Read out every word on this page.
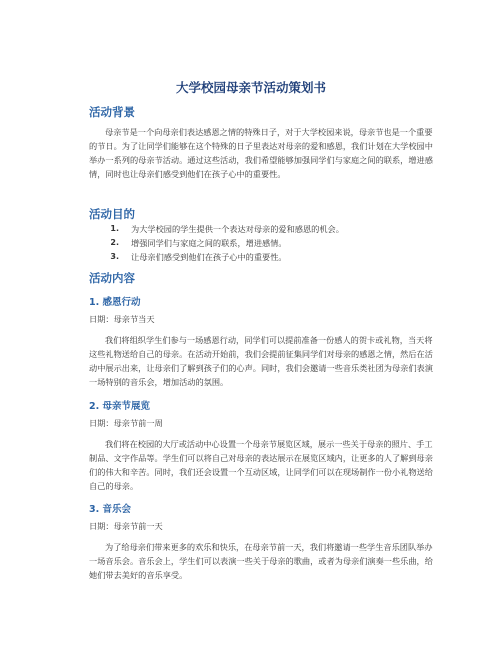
大学校园母亲节活动策划书
活动背景

母亲节是一个向母亲们表达感恩之情的特殊日子，对于大学校园来说，母亲节也是一个重要的节日。为了让同学们能够在这个特殊的日子里表达对母亲的爱和感恩，我们计划在大学校园中举办一系列的母亲节活动。通过这些活动，我们希望能够加强同学们与家庭之间的联系，增进感情，同时也让母亲们感受到他们在孩子心中的重要性。

活动目的
1.	为大学校园的学生提供一个表达对母亲的爱和感恩的机会。
2.	增强同学们与家庭之间的联系，增进感情。
3.	让母亲们感受到他们在孩子心中的重要性。
活动内容
1. 感恩行动

日期：母亲节当天

我们将组织学生们参与一场感恩行动，同学们可以提前准备一份感人的贺卡或礼物，当天将这些礼物送给自己的母亲。在活动开始前，我们会提前征集同学们对母亲的感恩之情，然后在活动中展示出来，让母亲们了解到孩子们的心声。同时，我们会邀请一些音乐类社团为母亲们表演一场特别的音乐会，增加活动的氛围。

2. 母亲节展览

日期：母亲节前一周

我们将在校园的大厅或活动中心设置一个母亲节展览区域，展示一些关于母亲的照片、手工制品、文字作品等。学生们可以将自己对母亲的表达展示在展览区域内，让更多的人了解到母亲们的伟大和辛苦。同时，我们还会设置一个互动区域，让同学们可以在现场制作一份小礼物送给自己的母亲。

3. 音乐会

日期：母亲节前一天

为了给母亲们带来更多的欢乐和快乐，在母亲节前一天，我们将邀请一些学生音乐团队举办一场音乐会。音乐会上，学生们可以表演一些关于母亲的歌曲，或者为母亲们演奏一些乐曲，给她们带去美好的音乐享受。
